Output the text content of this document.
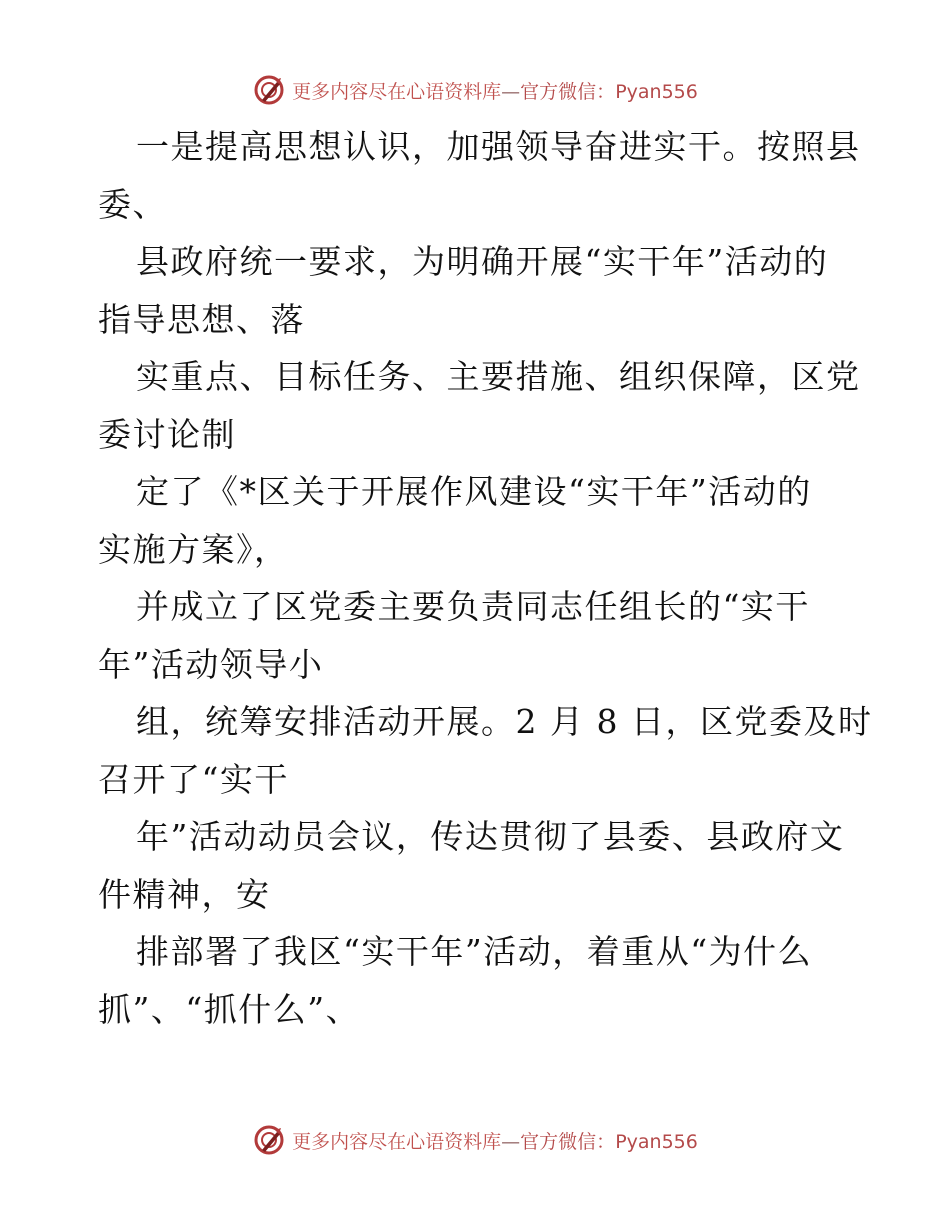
更多内容尽在心语资料库—官方微信：Pyan556
一是提高思想认识，加强领导奋进实干。按照县
委、
县政府统一要求，为明确开展“实干年”活动的
指导思想、落
实重点、目标任务、主要措施、组织保障，区党
委讨论制
定了《*区关于开展作风建设“实干年”活动的
实施方案》，
并成立了区党委主要负责同志任组长的“实干
年”活动领导小
组，统筹安排活动开展。2 月 8 日，区党委及时
召开了“实干
年”活动动员会议，传达贯彻了县委、县政府文
件精神，安
排部署了我区“实干年”活动，着重从“为什么
抓”、“抓什么”、
更多内容尽在心语资料库—官方微信：Pyan556
